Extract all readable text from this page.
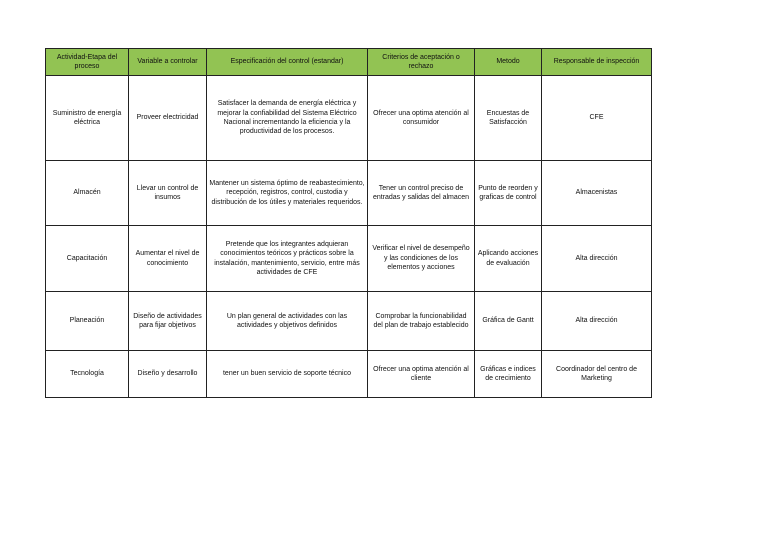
Actividad-Etapa del proceso	Variable a controlar	Especificación del control (estandar)	Criterios de aceptación o rechazo	Metodo	Responsable de inspección
Suministro de energía eléctrica	Proveer electricidad	Satisfacer la demanda de energía eléctrica y mejorar la confiabilidad del Sistema Eléctrico Nacional incrementando la eficiencia y la productividad de los procesos.	Ofrecer una optima atención al consumidor	Encuestas de Satisfacción	CFE
Almacén	Llevar un control de insumos	Mantener un sistema óptimo de reabastecimiento, recepción, registros, control, custodia y distribución de los útiles y materiales requeridos.	Tener un control preciso de entradas y salidas del almacen	Punto de reorden y graficas de control	Almacenistas
Capacitación	Aumentar el nivel de conocimiento	Pretende que los integrantes adquieran conocimientos teóricos y prácticos sobre la instalación, mantenimiento, servicio, entre más actividades de CFE	Verificar el nivel de desempeño y las condiciones de los elementos y acciones	Aplicando acciones de evaluación	Alta dirección
Planeación	Diseño de actividades para fijar objetivos	Un plan general de actividades con las actividades y objetivos definidos	Comprobar la funcionabilidad del plan de trabajo establecido	Gráfica de Gantt	Alta dirección
Tecnología	Diseño y desarrollo	tener un buen servicio de soporte técnico	Ofrecer una optima atención al cliente	Gráficas e indices de crecimiento	Coordinador del centro de Marketing
